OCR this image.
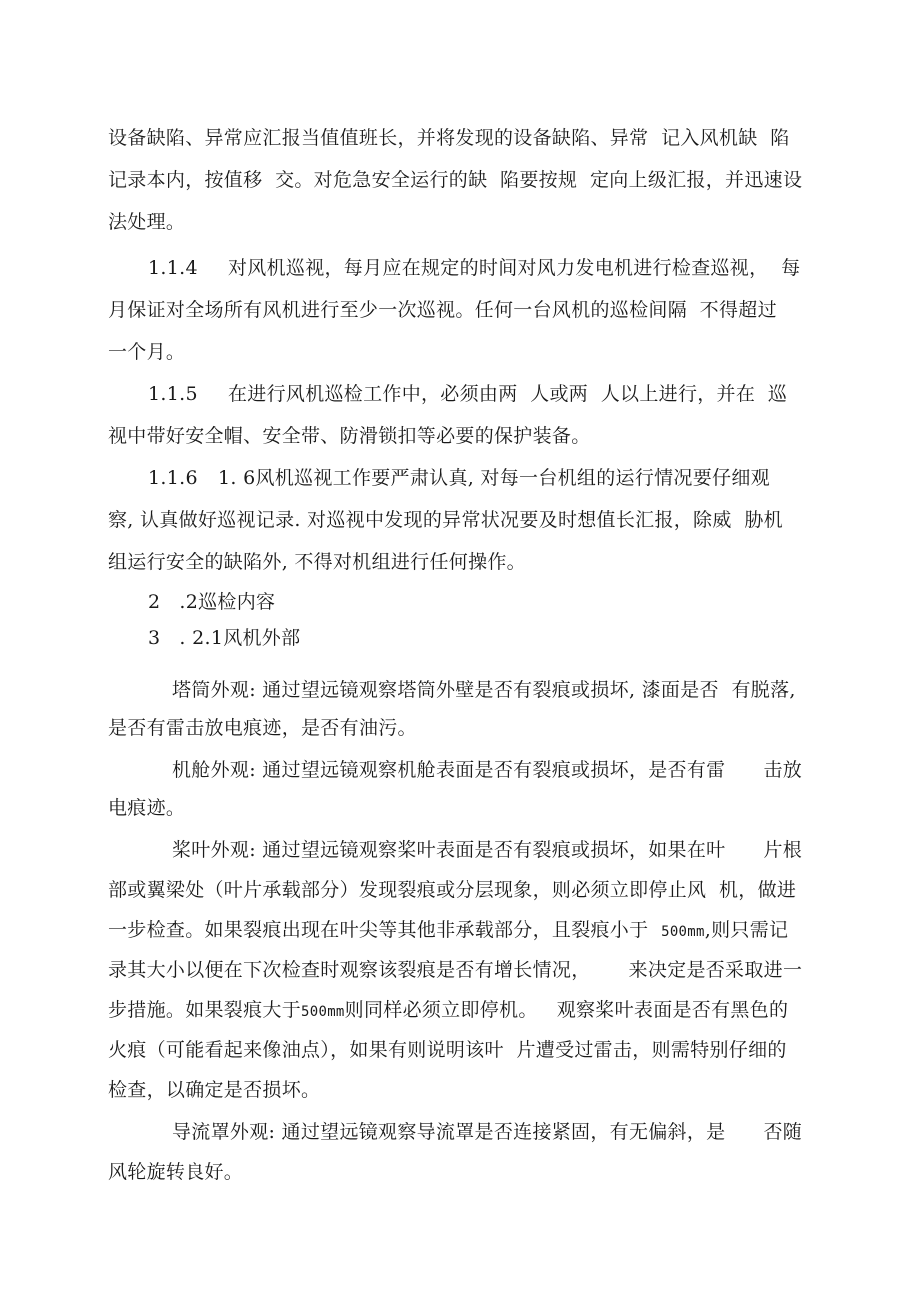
设备缺陷、异常应汇报当值值班长，并将发现的设备缺陷、异常  记入风机缺  陷
记录本内，按值移  交。对危急安全运行的缺  陷要按规  定向上级汇报，并迅速设
法处理。
1.1.4 对风机巡视，每月应在规定的时间对风力发电机进行检查巡视，  每
月保证对全场所有风机进行至少一次巡视。任何一台风机的巡检间隔  不得超过
一个月。
1.1.5 在进行风机巡检工作中，必须由两  人或两  人以上进行，并在  巡
视中带好安全帽、安全带、防滑锁扣等必要的保护装备。
1.1.6 1. 6风机巡视工作要严肃认真, 对每一台机组的运行情况要仔细观
察, 认真做好巡视记录. 对巡视中发现的异常状况要及时想值长汇报，除威  胁机
组运行安全的缺陷外, 不得对机组进行任何操作。
2   .2巡检内容
3   . 2.1风机外部
塔筒外观: 通过望远镜观察塔筒外壁是否有裂痕或损坏, 漆面是否  有脱落,
是否有雷击放电痕迹，是否有油污。
机舱外观: 通过望远镜观察机舱表面是否有裂痕或损坏，是否有雷      击放
电痕迹。
桨叶外观: 通过望远镜观察桨叶表面是否有裂痕或损坏，如果在叶      片根
部或翼梁处（叶片承载部分）发现裂痕或分层现象，则必须立即停止风  机，做进
一步检查。如果裂痕出现在叶尖等其他非承载部分，且裂痕小于  500mm,则只需记
录其大小以便在下次检查时观察该裂痕是否有增长情况，      来决定是否采取进一
步措施。如果裂痕大于500mm则同样必须立即停机。   观察桨叶表面是否有黑色的
火痕（可能看起来像油点），如果有则说明该叶  片遭受过雷击，则需特别仔细的
检查，以确定是否损坏。
导流罩外观: 通过望远镜观察导流罩是否连接紧固，有无偏斜，是      否随
风轮旋转良好。
